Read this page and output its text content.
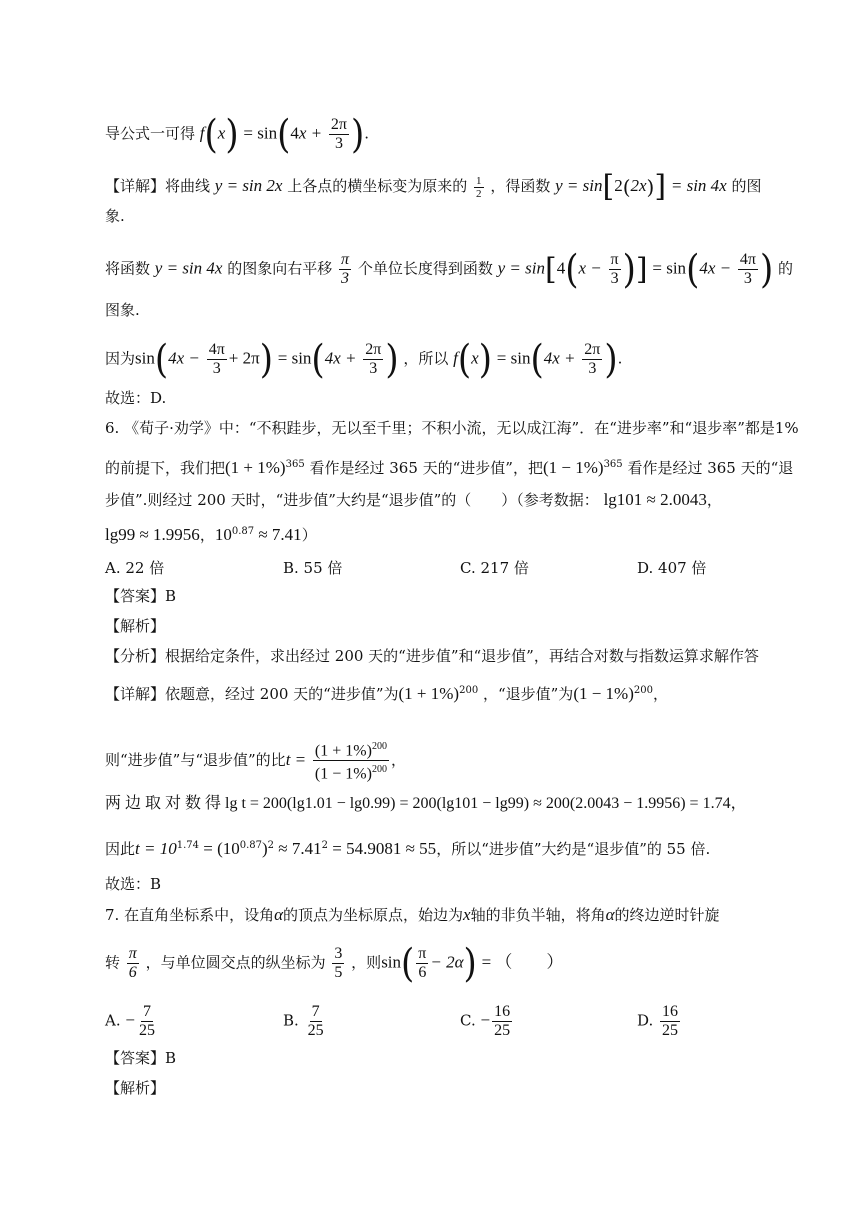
导公式一可得 $f(x) = \sin(4x + \frac{2\pi}{3}$ ).
【详解】将曲线 y = sin 2x 上各点的横坐标变为原来的 $\frac{1}{2}$ ，得函数 y = sin[2(2x)] = sin 4x 的图
象.
将函数 y = sin 4x 的图象向右平移 $\frac{\pi}{3}$ 个单位长度得到函数 $y = \sin[4(x - \frac{\pi}{3}$ )] = $\sin(4x - \frac{4\pi}{3}$ ) 的
图象.
因为$\sin(4x - \frac{4\pi}{3} + 2\pi) = \sin(4x + \frac{2\pi}{3}$ ) ，所以 $f(x) = \sin(4x + \frac{2\pi}{3}$ ).
故选：D.
6. 《荀子·劝学》中：“不积跬步，无以至千里；不积小流，无以成江海”．在“进步率”和“退步率”都是1%
的前提下，我们把$(1 + 1\%)^{365}$ 看作是经过 365 天的“进步值”，把$(1 - 1\%)^{365}$ 看作是经过 365 天的“退
步值”.则经过 200 天时，“进步值”大约是“退步值”的（　　）（参考数据： lg101 ≈ 2.0043，
lg99 ≈ 1.9956，$10^{0.87} \approx 7.41$）
A. 22 倍	B. 55 倍	C. 217 倍	D. 407 倍
【答案】B
【解析】
【分析】根据给定条件，求出经过 200 天的“进步值”和“退步值”，再结合对数与指数运算求解作答
【详解】依题意，经过 200 天的“进步值”为$(1 + 1\%)^{200}$ ，“退步值”为$(1 - 1\%)^{200}$，
则“进步值”与“退步值”的比$t = \frac{(1 + 1\%)^{200}}{(1 - 1\%)^{200}}$ ，
两 边 取 对 数 得 lg t = 200(lg1.01 − lg0.99) = 200(lg101 − lg99) ≈ 200(2.0043 − 1.9956) = 1.74，
因此$t = 10^{1.74} = (10^{0.87})^2 \approx 7.41^2 = 54.9081 \approx 55$，所以“进步值”大约是“退步值”的 55 倍.
故选：B
7. 在直角坐标系中，设角α的顶点为坐标原点，始边为x轴的非负半轴，将角α的终边逆时针旋
转 $\frac{\pi}{6}$ ，与单位圆交点的纵坐标为 $\frac{3}{5}$ ，则$\sin( \frac{\pi}{6} - 2\alpha)$ = （　　）
A. − $\frac{7}{25}$	B. $\frac{7}{25}$	C. − $\frac{16}{25}$	D. $\frac{16}{25}$
【答案】B
【解析】
